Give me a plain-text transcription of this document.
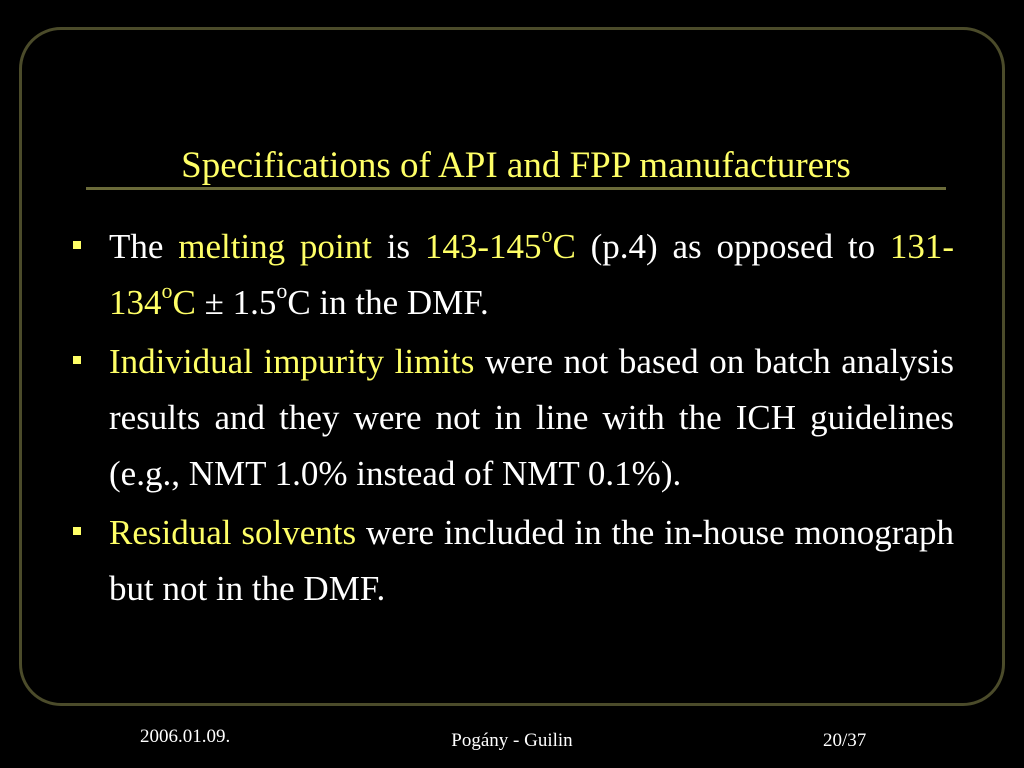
Specifications of API and FPP manufacturers

The melting point is 143-145$^o$C (p.4) as opposed to $131-134^oC \pm 1.5^oC$ in the DMF.

Individual impurity limits were not based on batch analysis results and they were not in line with the ICH guidelines (e.g., NMT 1.0% instead of NMT 0.1%).

Residual solvents were included in the in-house monograph but not in the DMF.

2006.01.09.	Pogány - Guilin	20/37
